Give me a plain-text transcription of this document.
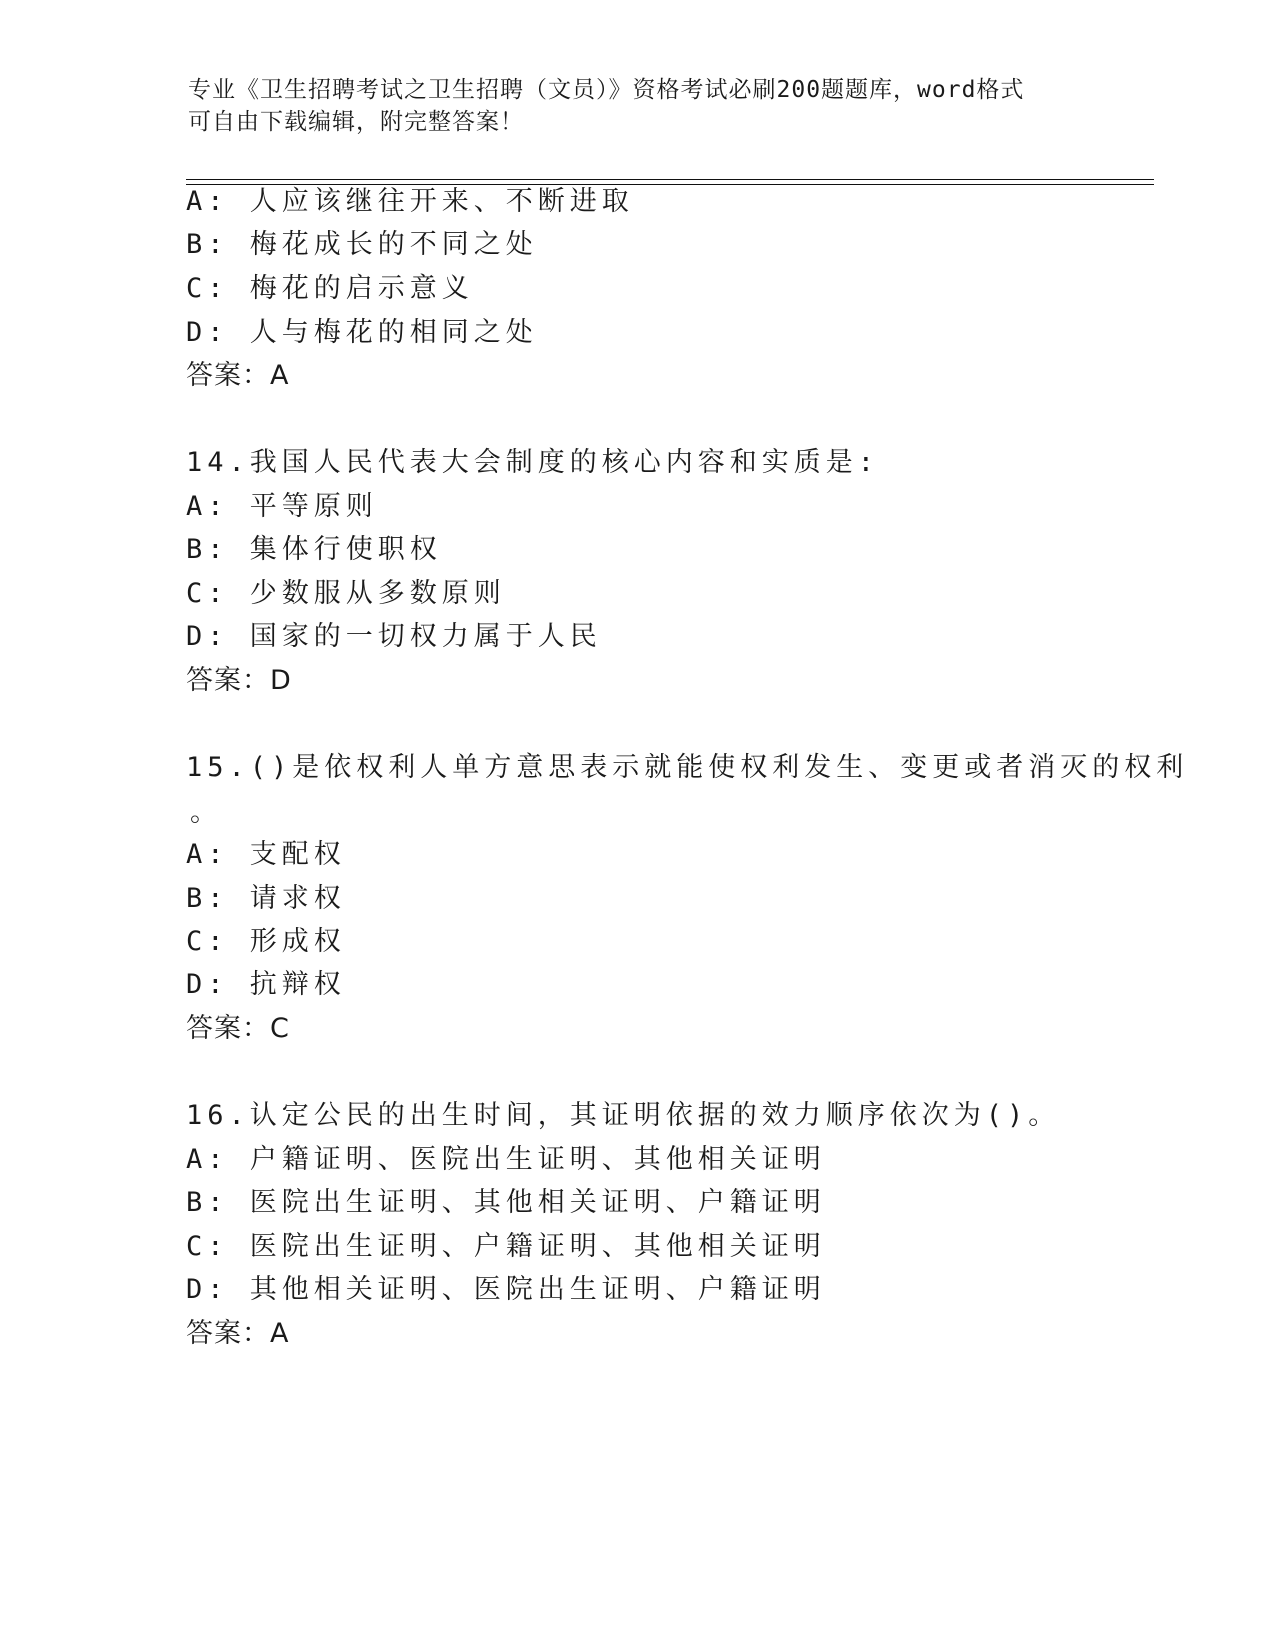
专业《卫生招聘考试之卫生招聘（文员）》资格考试必刷200题题库，word格式
可自由下载编辑，附完整答案！
A: 人应该继往开来、不断进取
B: 梅花成长的不同之处
C: 梅花的启示意义
D: 人与梅花的相同之处
答案：A
14.我国人民代表大会制度的核心内容和实质是:
A: 平等原则
B: 集体行使职权
C: 少数服从多数原则
D: 国家的一切权力属于人民
答案：D
15.()是依权利人单方意思表示就能使权利发生、变更或者消灭的权利
。
A: 支配权
B: 请求权
C: 形成权
D: 抗辩权
答案：C
16.认定公民的出生时间，其证明依据的效力顺序依次为()。
A: 户籍证明、医院出生证明、其他相关证明
B: 医院出生证明、其他相关证明、户籍证明
C: 医院出生证明、户籍证明、其他相关证明
D: 其他相关证明、医院出生证明、户籍证明
答案：A
